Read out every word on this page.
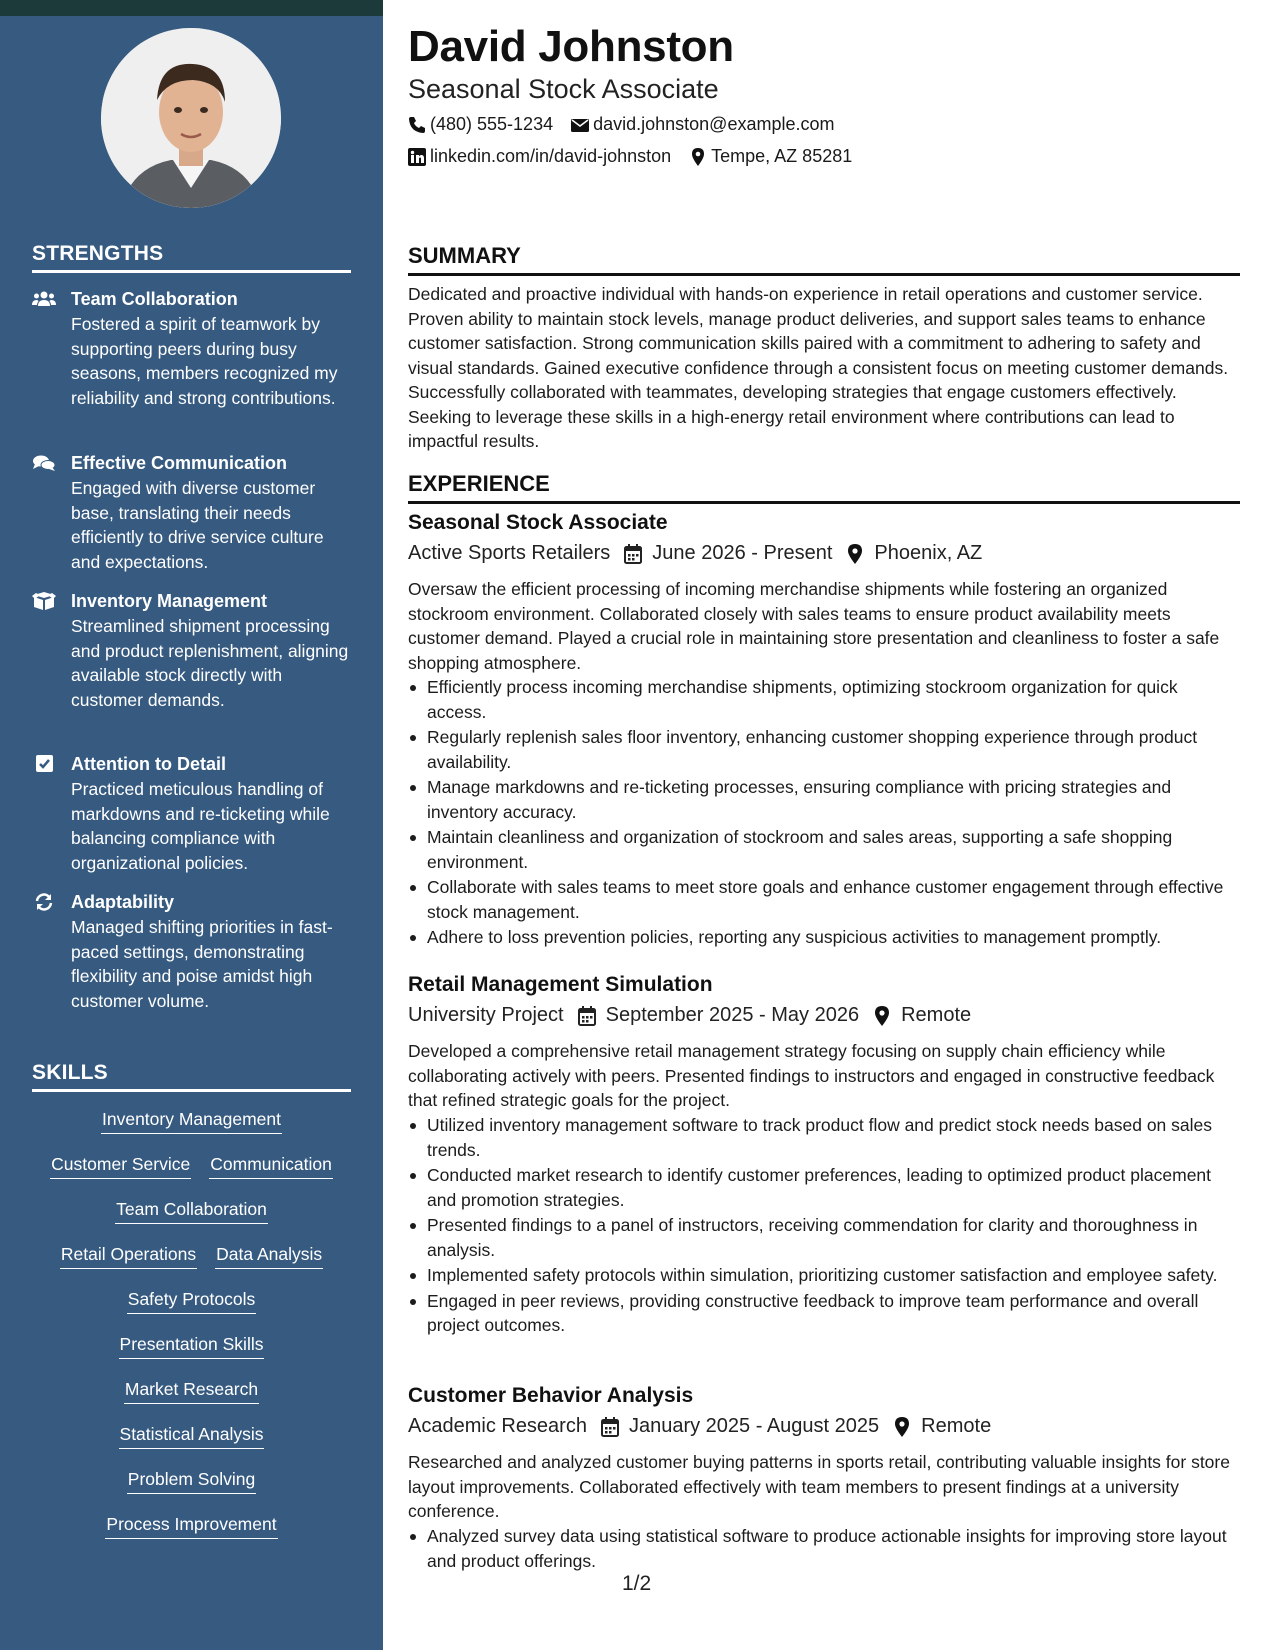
STRENGTHS
Team Collaboration
Fostered a spirit of teamwork by supporting peers during busy seasons, members recognized my reliability and strong contributions.
Effective Communication
Engaged with diverse customer base, translating their needs efficiently to drive service culture and expectations.
Inventory Management
Streamlined shipment processing and product replenishment, aligning available stock directly with customer demands.
Attention to Detail
Practiced meticulous handling of markdowns and re-ticketing while balancing compliance with organizational policies.
Adaptability
Managed shifting priorities in fast-paced settings, demonstrating flexibility and poise amidst high customer volume.
SKILLS
Inventory Management
Customer Service Communication
Team Collaboration
Retail Operations Data Analysis
Safety Protocols
Presentation Skills
Market Research
Statistical Analysis
Problem Solving
Process Improvement
David Johnston
Seasonal Stock Associate
(480) 555-1234 david.johnston@example.com
linkedin.com/in/david-johnston Tempe, AZ 85281
SUMMARY
Dedicated and proactive individual with hands-on experience in retail operations and customer service. Proven ability to maintain stock levels, manage product deliveries, and support sales teams to enhance customer satisfaction. Strong communication skills paired with a commitment to adhering to safety and visual standards. Gained executive confidence through a consistent focus on meeting customer demands. Successfully collaborated with teammates, developing strategies that engage customers effectively. Seeking to leverage these skills in a high-energy retail environment where contributions can lead to impactful results.
EXPERIENCE
Seasonal Stock Associate
Active Sports Retailers June 2026 - Present Phoenix, AZ
Oversaw the efficient processing of incoming merchandise shipments while fostering an organized stockroom environment. Collaborated closely with sales teams to ensure product availability meets customer demand. Played a crucial role in maintaining store presentation and cleanliness to foster a safe shopping atmosphere.
Efficiently process incoming merchandise shipments, optimizing stockroom organization for quick access.
Regularly replenish sales floor inventory, enhancing customer shopping experience through product availability.
Manage markdowns and re-ticketing processes, ensuring compliance with pricing strategies and inventory accuracy.
Maintain cleanliness and organization of stockroom and sales areas, supporting a safe shopping environment.
Collaborate with sales teams to meet store goals and enhance customer engagement through effective stock management.
Adhere to loss prevention policies, reporting any suspicious activities to management promptly.
Retail Management Simulation
University Project September 2025 - May 2026 Remote
Developed a comprehensive retail management strategy focusing on supply chain efficiency while collaborating actively with peers. Presented findings to instructors and engaged in constructive feedback that refined strategic goals for the project.
Utilized inventory management software to track product flow and predict stock needs based on sales trends.
Conducted market research to identify customer preferences, leading to optimized product placement and promotion strategies.
Presented findings to a panel of instructors, receiving commendation for clarity and thoroughness in analysis.
Implemented safety protocols within simulation, prioritizing customer satisfaction and employee safety.
Engaged in peer reviews, providing constructive feedback to improve team performance and overall project outcomes.
Customer Behavior Analysis
Academic Research January 2025 - August 2025 Remote
Researched and analyzed customer buying patterns in sports retail, contributing valuable insights for store layout improvements. Collaborated effectively with team members to present findings at a university conference.
Analyzed survey data using statistical software to produce actionable insights for improving store layout and product offerings.
1/2
